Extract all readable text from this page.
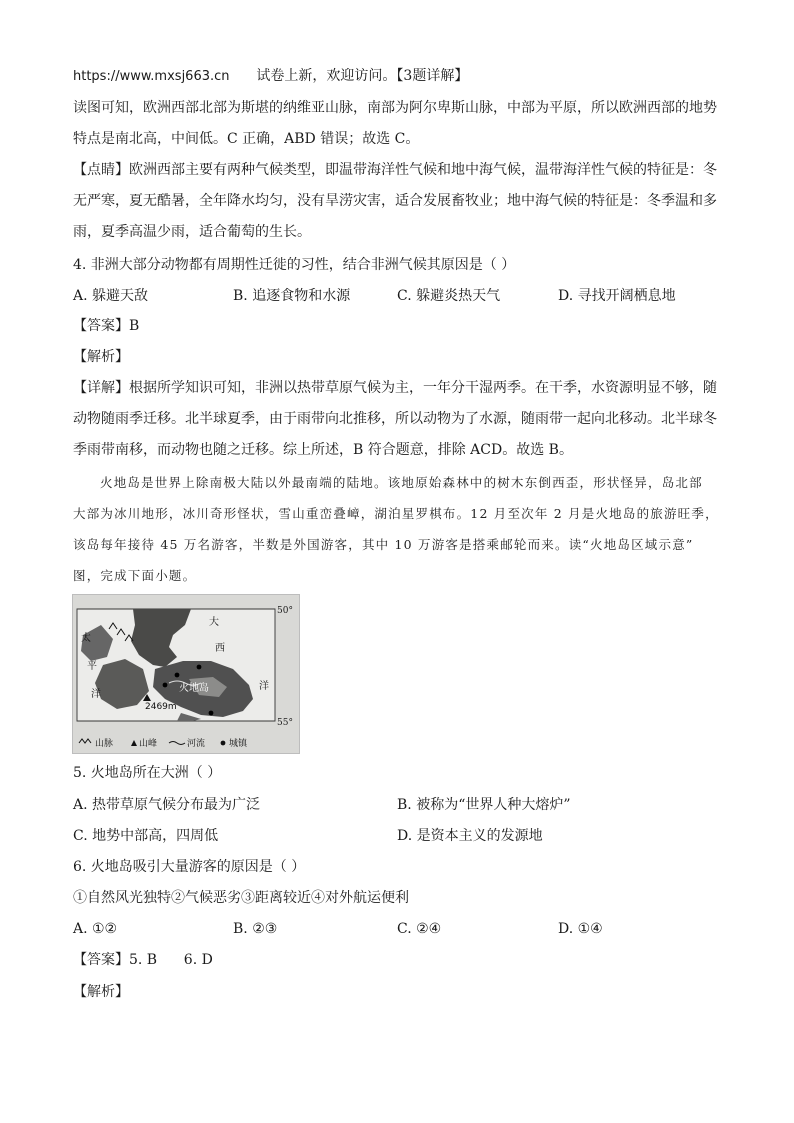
https://www.mxsj663.cn 试卷上新，欢迎访问。【3题详解】
读图可知，欧洲西部北部为斯堪的纳维亚山脉，南部为阿尔卑斯山脉，中部为平原，所以欧洲西部的地势
特点是南北高，中间低。C 正确，ABD 错误；故选 C。
【点睛】欧洲西部主要有两种气候类型，即温带海洋性气候和地中海气候，温带海洋性气候的特征是：冬
无严寒，夏无酷暑，全年降水均匀，没有旱涝灾害，适合发展畜牧业；地中海气候的特征是：冬季温和多
雨，夏季高温少雨，适合葡萄的生长。
4. 非洲大部分动物都有周期性迁徙的习性，结合非洲气候其原因是（ ）
A. 躲避天敌	B. 追逐食物和水源	C. 躲避炎热天气	D. 寻找开阔栖息地
【答案】B
【解析】
【详解】根据所学知识可知，非洲以热带草原气候为主，一年分干湿两季。在干季，水资源明显不够，随
动物随雨季迁移。北半球夏季，由于雨带向北推移，所以动物为了水源，随雨带一起向北移动。北半球冬
季雨带南移，而动物也随之迁移。综上所述，B 符合题意，排除 ACD。故选 B。
火地岛是世界上除南极大陆以外最南端的陆地。该地原始森林中的树木东倒西歪，形状怪异，岛北部
大部为冰川地形，冰川奇形怪状，雪山重峦叠嶂，湖泊星罗棋布。12 月至次年 2 月是火地岛的旅游旺季，
该岛每年接待 45 万名游客，半数是外国游客，其中 10 万游客是搭乘邮轮而来。读“火地岛区域示意”
图，完成下面小题。
50°
55°
2469m
火地岛
太
平
洋
大
西
洋
山脉	山峰	河流	城镇
5. 火地岛所在大洲（ ）
A. 热带草原气候分布最为广泛	B. 被称为“世界人种大熔炉”
C. 地势中部高，四周低	D. 是资本主义的发源地
6. 火地岛吸引大量游客的原因是（ ）
①自然风光独特②气候恶劣③距离较近④对外航运便利
A. ①②	B. ②③	C. ②④	D. ①④
【答案】5. B      6. D
【解析】
